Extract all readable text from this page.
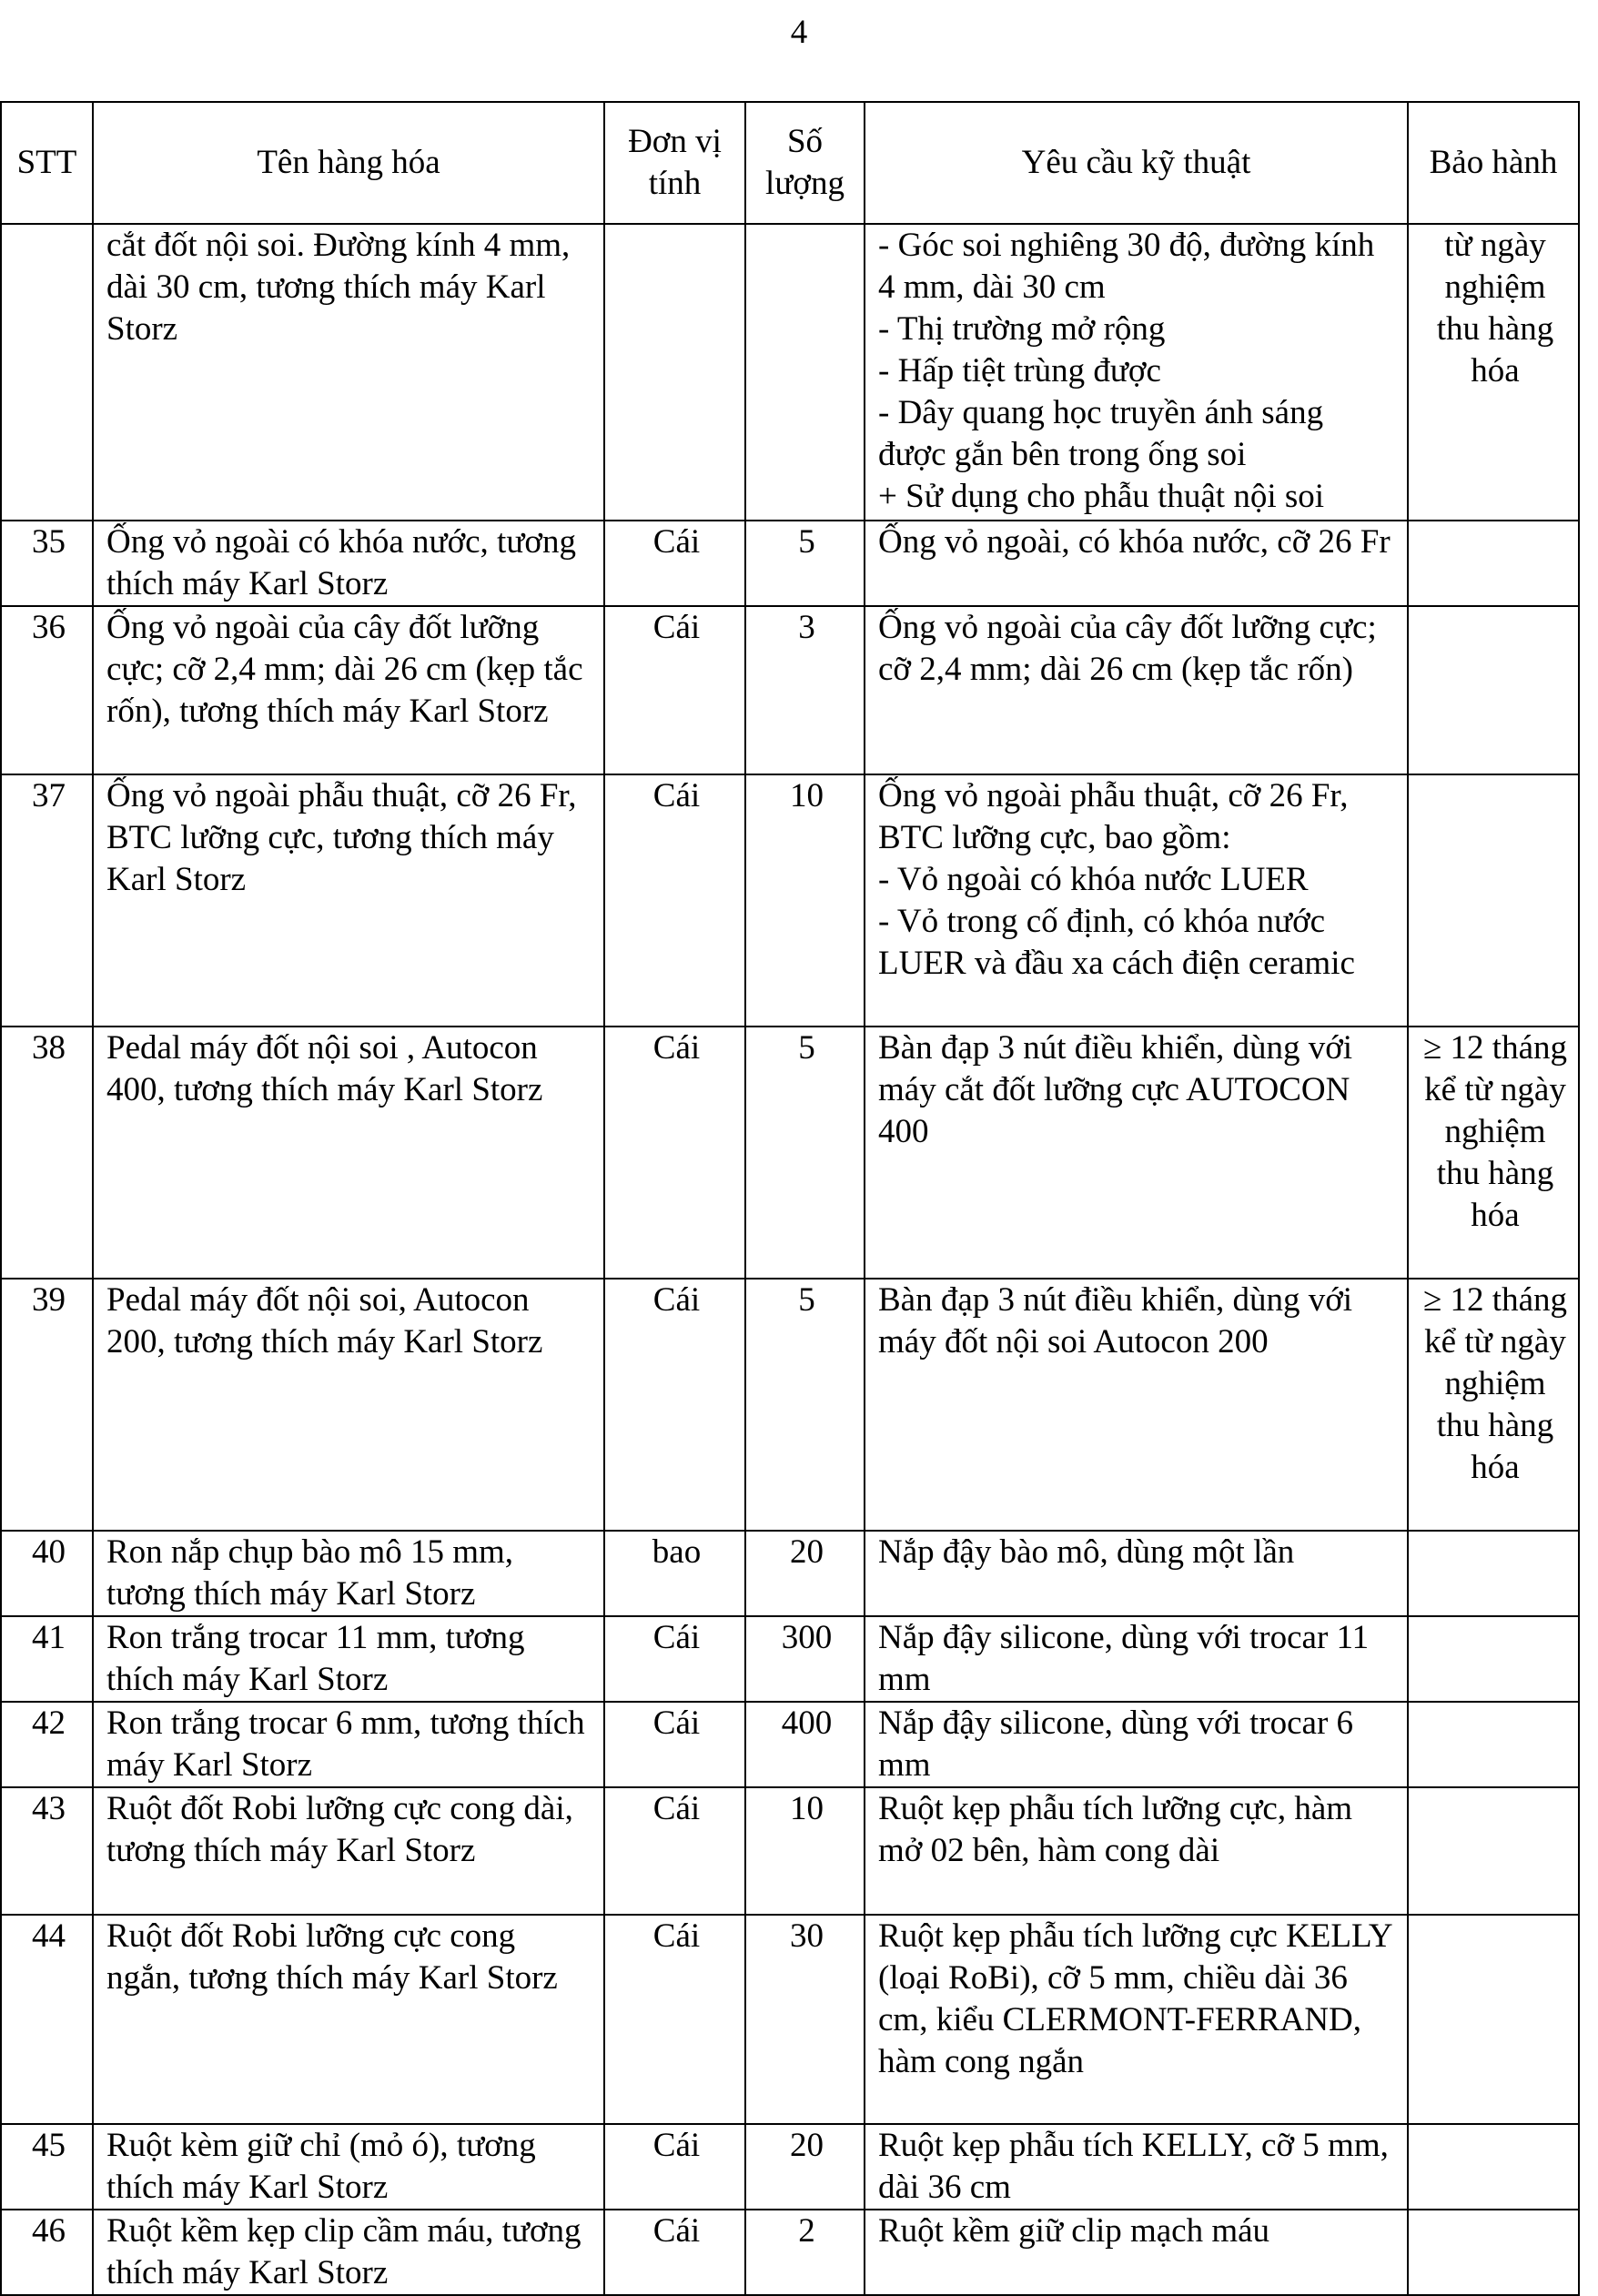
4
STT	Tên hàng hóa	Đơn vị tính	Số lượng	Yêu cầu kỹ thuật	Bảo hành
	cắt đốt nội soi. Đường kính 4 mm, dài 30 cm, tương thích máy Karl Storz			- Góc soi nghiêng 30 độ, đường kính 4 mm, dài 30 cm
- Thị trường mở rộng
- Hấp tiệt trùng được
- Dây quang học truyền ánh sáng được gắn bên trong ống soi
+ Sử dụng cho phẫu thuật nội soi	từ ngày nghiệm thu hàng hóa
35	Ống vỏ ngoài có khóa nước, tương thích máy Karl Storz	Cái	5	Ống vỏ ngoài, có khóa nước, cỡ 26 Fr	
36	Ống vỏ ngoài của cây đốt lưỡng cực; cỡ 2,4 mm; dài 26 cm (kẹp tắc rốn), tương thích máy Karl Storz	Cái	3	Ống vỏ ngoài của cây đốt lưỡng cực; cỡ 2,4 mm; dài 26 cm (kẹp tắc rốn)	
37	Ống vỏ ngoài phẫu thuật, cỡ 26 Fr, BTC lưỡng cực, tương thích máy Karl Storz	Cái	10	Ống vỏ ngoài phẫu thuật, cỡ 26 Fr, BTC lưỡng cực, bao gồm:
- Vỏ ngoài có khóa nước LUER
- Vỏ trong cố định, có khóa nước LUER và đầu xa cách điện ceramic	
38	Pedal máy đốt nội soi , Autocon 400, tương thích máy Karl Storz	Cái	5	Bàn đạp 3 nút điều khiển, dùng với máy cắt đốt lưỡng cực AUTOCON 400	≥ 12 tháng kể từ ngày nghiệm thu hàng hóa
39	Pedal máy đốt nội soi, Autocon 200, tương thích máy Karl Storz	Cái	5	Bàn đạp 3 nút điều khiển, dùng với máy đốt nội soi Autocon 200	≥ 12 tháng kể từ ngày nghiệm thu hàng hóa
40	Ron nắp chụp bào mô 15 mm, tương thích máy Karl Storz	bao	20	Nắp đậy bào mô, dùng một lần	
41	Ron trắng trocar 11 mm, tương thích máy Karl Storz	Cái	300	Nắp đậy silicone, dùng với trocar 11 mm	
42	Ron trắng trocar 6 mm, tương thích máy Karl Storz	Cái	400	Nắp đậy silicone, dùng với trocar 6 mm	
43	Ruột đốt Robi lưỡng cực cong dài, tương thích máy Karl Storz	Cái	10	Ruột kẹp phẫu tích lưỡng cực, hàm mở 02 bên, hàm cong dài	
44	Ruột đốt Robi lưỡng cực cong ngắn, tương thích máy Karl Storz	Cái	30	Ruột kẹp phẫu tích lưỡng cực KELLY (loại RoBi), cỡ 5 mm, chiều dài 36 cm, kiểu CLERMONT-FERRAND, hàm cong ngắn	
45	Ruột kèm giữ chỉ (mỏ ó), tương thích máy Karl Storz	Cái	20	Ruột kẹp phẫu tích KELLY, cỡ 5 mm, dài 36 cm	
46	Ruột kềm kẹp clip cầm máu, tương thích máy Karl Storz	Cái	2	Ruột kềm giữ clip mạch máu	
